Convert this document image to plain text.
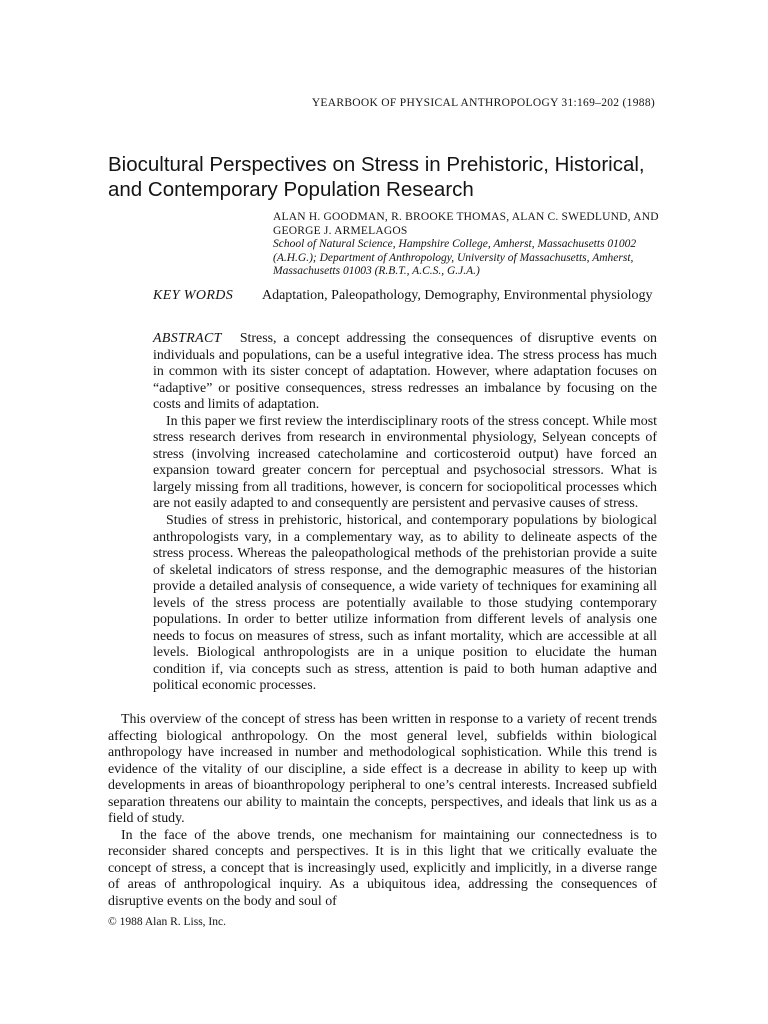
YEARBOOK OF PHYSICAL ANTHROPOLOGY 31:169–202 (1988)
Biocultural Perspectives on Stress in Prehistoric, Historical, and Contemporary Population Research
ALAN H. GOODMAN, R. BROOKE THOMAS, ALAN C. SWEDLUND, AND GEORGE J. ARMELAGOS
School of Natural Science, Hampshire College, Amherst, Massachusetts 01002 (A.H.G.); Department of Anthropology, University of Massachusetts, Amherst, Massachusetts 01003 (R.B.T., A.C.S., G.J.A.)
KEY WORDS Adaptation, Paleopathology, Demography, Environmental physiology

ABSTRACT Stress, a concept addressing the consequences of disruptive events on individuals and populations, can be a useful integrative idea. The stress process has much in common with its sister concept of adaptation. However, where adaptation focuses on “adaptive” or positive consequences, stress redresses an imbalance by focusing on the costs and limits of adaptation.

In this paper we first review the interdisciplinary roots of the stress concept. While most stress research derives from research in environmental physiology, Selyean concepts of stress (involving increased catecholamine and corticosteroid output) have forced an expansion toward greater concern for perceptual and psychosocial stressors. What is largely missing from all traditions, however, is concern for sociopolitical processes which are not easily adapted to and consequently are persistent and pervasive causes of stress.

Studies of stress in prehistoric, historical, and contemporary populations by biological anthropologists vary, in a complementary way, as to ability to delineate aspects of the stress process. Whereas the paleopathological methods of the prehistorian provide a suite of skeletal indicators of stress response, and the demographic measures of the historian provide a detailed analysis of consequence, a wide variety of techniques for examining all levels of the stress process are potentially available to those studying contemporary populations. In order to better utilize information from different levels of analysis one needs to focus on measures of stress, such as infant mortality, which are accessible at all levels. Biological anthropologists are in a unique position to elucidate the human condition if, via concepts such as stress, attention is paid to both human adaptive and political economic processes.

This overview of the concept of stress has been written in response to a variety of recent trends affecting biological anthropology. On the most general level, subfields within biological anthropology have increased in number and methodological sophistication. While this trend is evidence of the vitality of our discipline, a side effect is a decrease in ability to keep up with developments in areas of bioanthropology peripheral to one’s central interests. Increased subfield separation threatens our ability to maintain the concepts, perspectives, and ideals that link us as a field of study.

In the face of the above trends, one mechanism for maintaining our connectedness is to reconsider shared concepts and perspectives. It is in this light that we critically evaluate the concept of stress, a concept that is increasingly used, explicitly and implicitly, in a diverse range of areas of anthropological inquiry. As a ubiquitous idea, addressing the consequences of disruptive events on the body and soul of

© 1988 Alan R. Liss, Inc.
